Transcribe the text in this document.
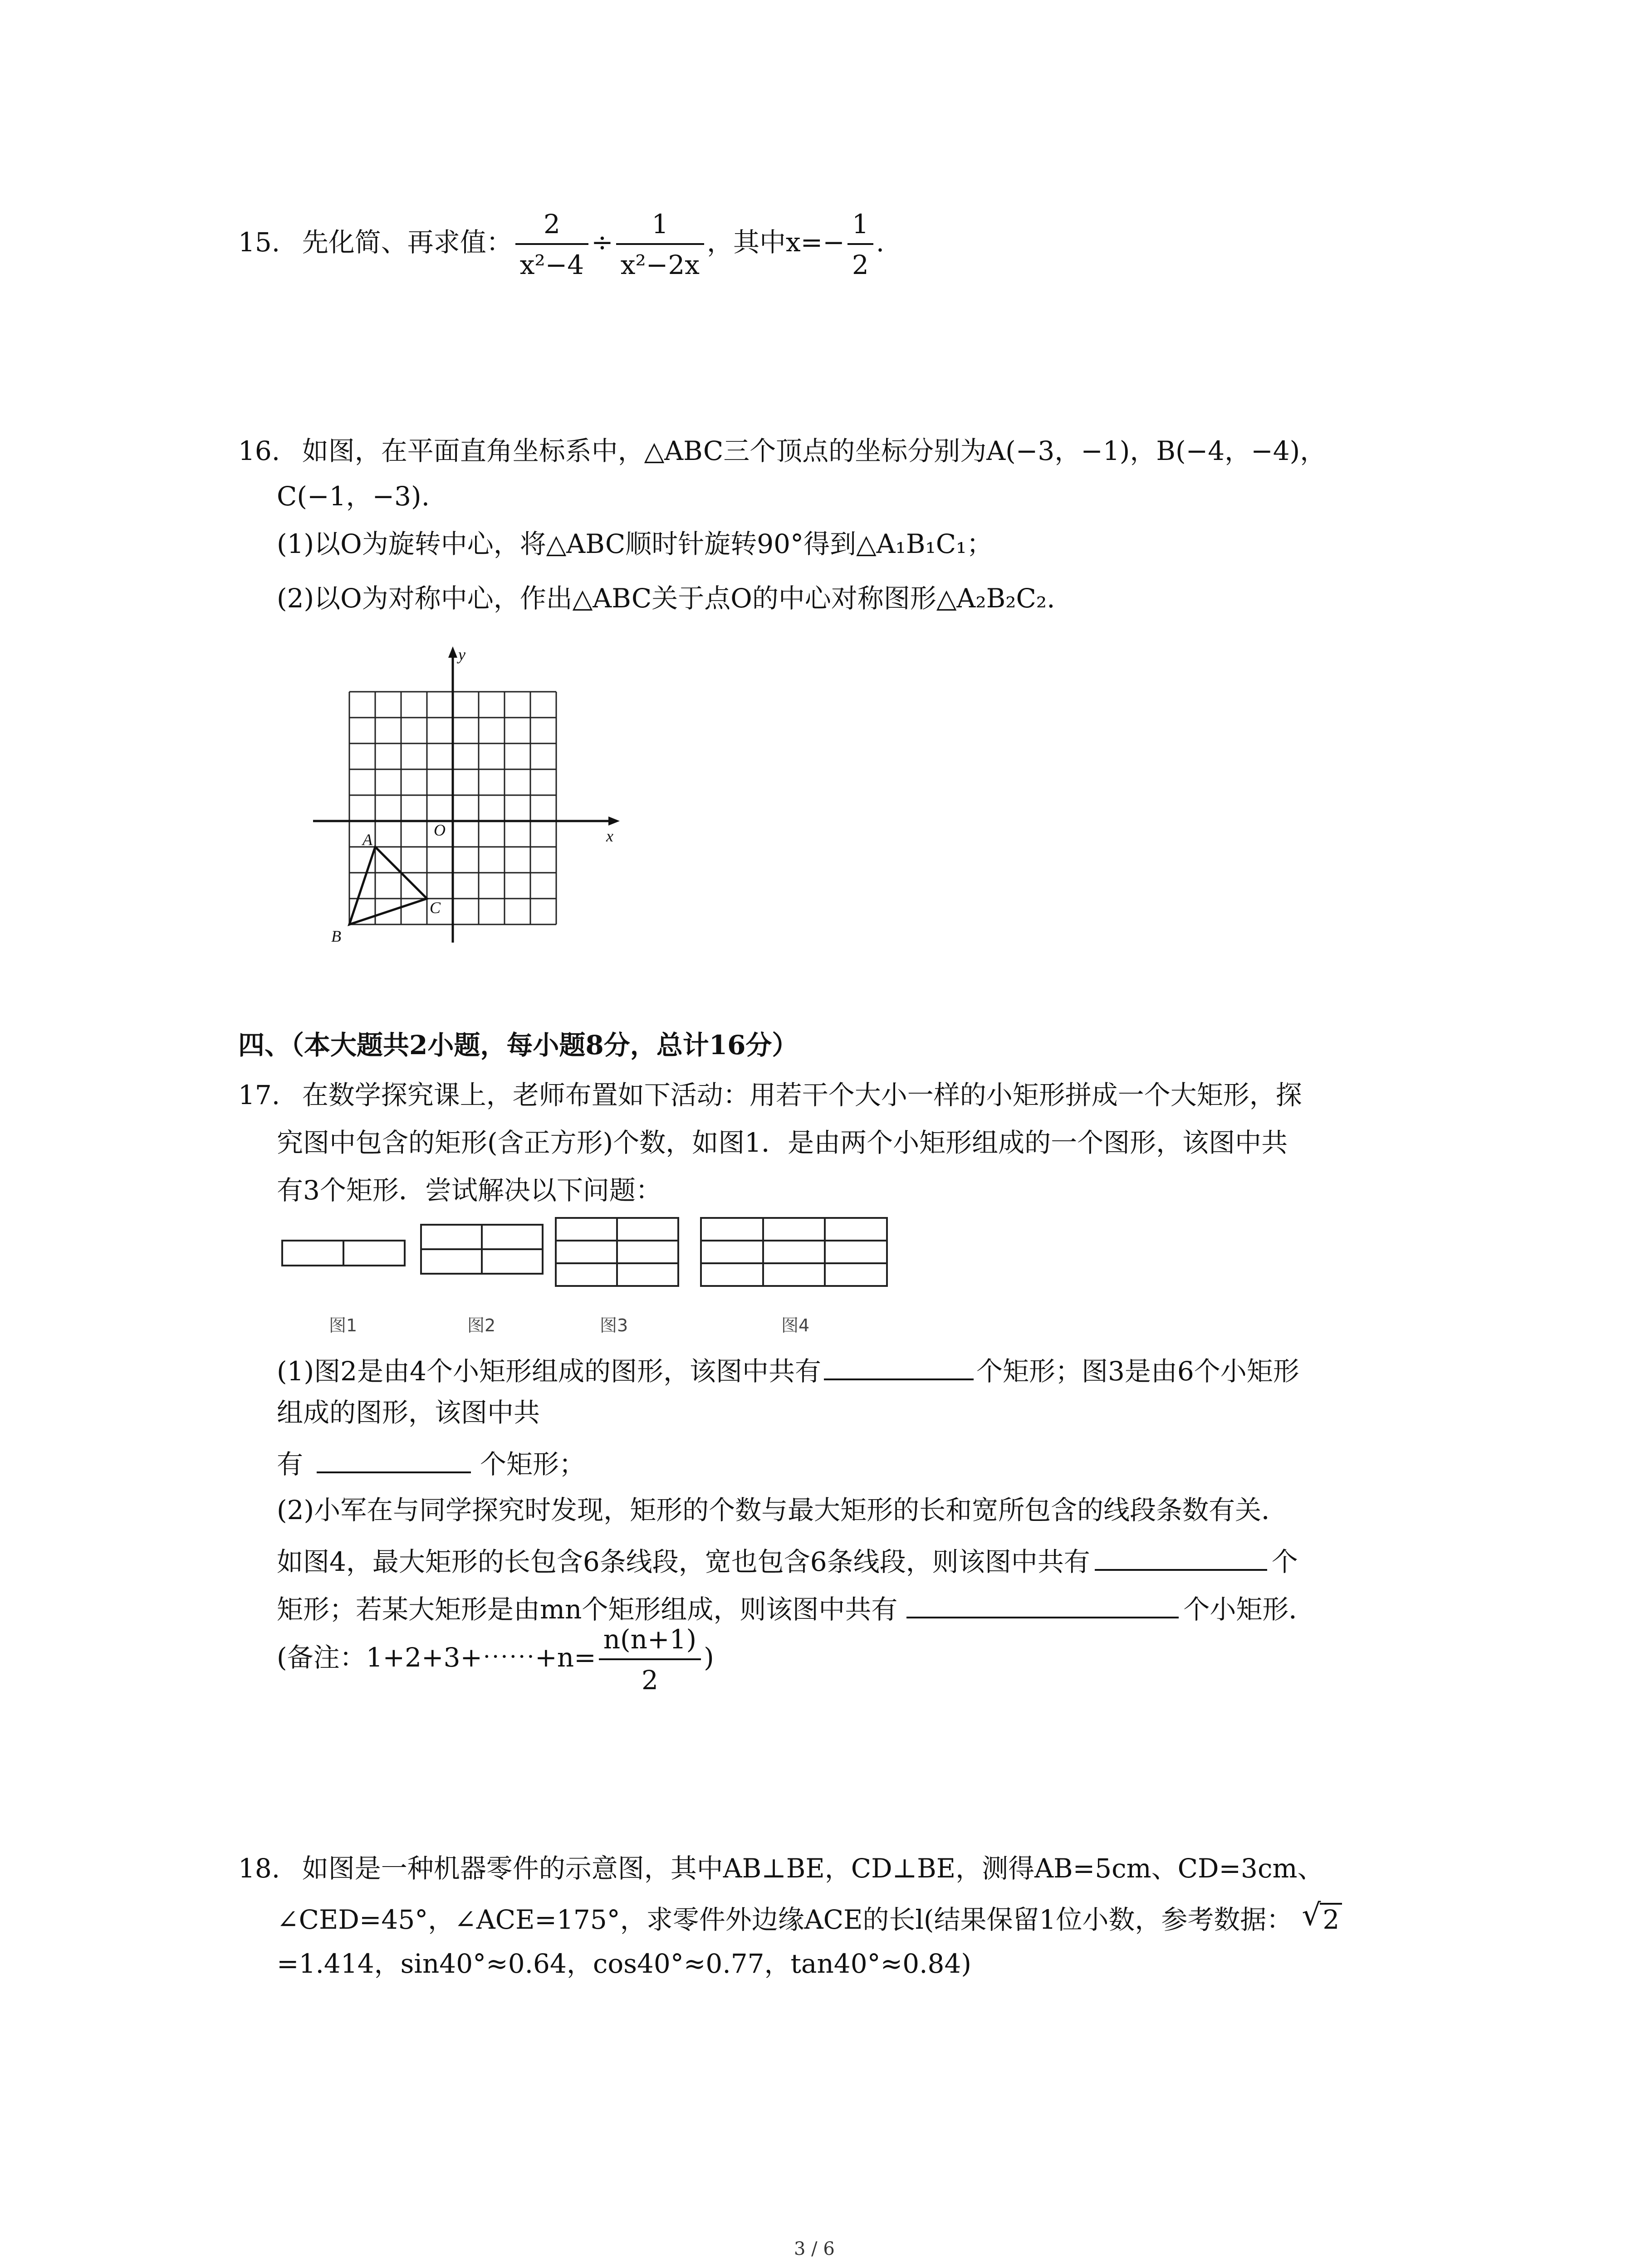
15. 先化简、再求值： $\frac{2}{\text{x²−4}} \div \frac{1}{\text{x²−2x}}$ ，其中$x=- \frac{1}{2}$ .
16. 如图，在平面直角坐标系中，△ABC三个顶点的坐标分别为A(−3，−1)，B(−4，−4)，
C(−1，−3).
(1)以O为旋转中心，将△ABC顺时针旋转90°得到△A₁B₁C₁；
(2)以O为对称中心，作出△ABC关于点O的中心对称图形△A₂B₂C₂.
y
x
O
A
B
C
四、（本大题共2小题，每小题8分，总计16分）
17. 在数学探究课上，老师布置如下活动：用若干个大小一样的小矩形拼成一个大矩形，探
究图中包含的矩形(含正方形)个数，如图1．是由两个小矩形组成的一个图形，该图中共
有3个矩形．尝试解决以下问题：
图1	图2	图3	图4
(1)图2是由4个小矩形组成的图形，该图中共有	个矩形；图3是由6个小矩形
组成的图形，该图中共
有	个矩形；
(2)小军在与同学探究时发现，矩形的个数与最大矩形的长和宽所包含的线段条数有关．
如图4，最大矩形的长包含6条线段，宽也包含6条线段，则该图中共有	个
矩形；若某大矩形是由mn个矩形组成，则该图中共有	个小矩形．
(备注：1+2+3+⋯⋯+n= $\frac{n(n+1)}{2}$ )
18. 如图是一种机器零件的示意图，其中AB⊥BE，CD⊥BE，测得AB=5cm、CD=3cm、
∠CED=45°，∠ACE=175°，求零件外边缘ACE的长l(结果保留1位小数，参考数据： √ 2
=1.414，sin40°≈0.64，cos40°≈0.77，tan40°≈0.84)
3 / 6
